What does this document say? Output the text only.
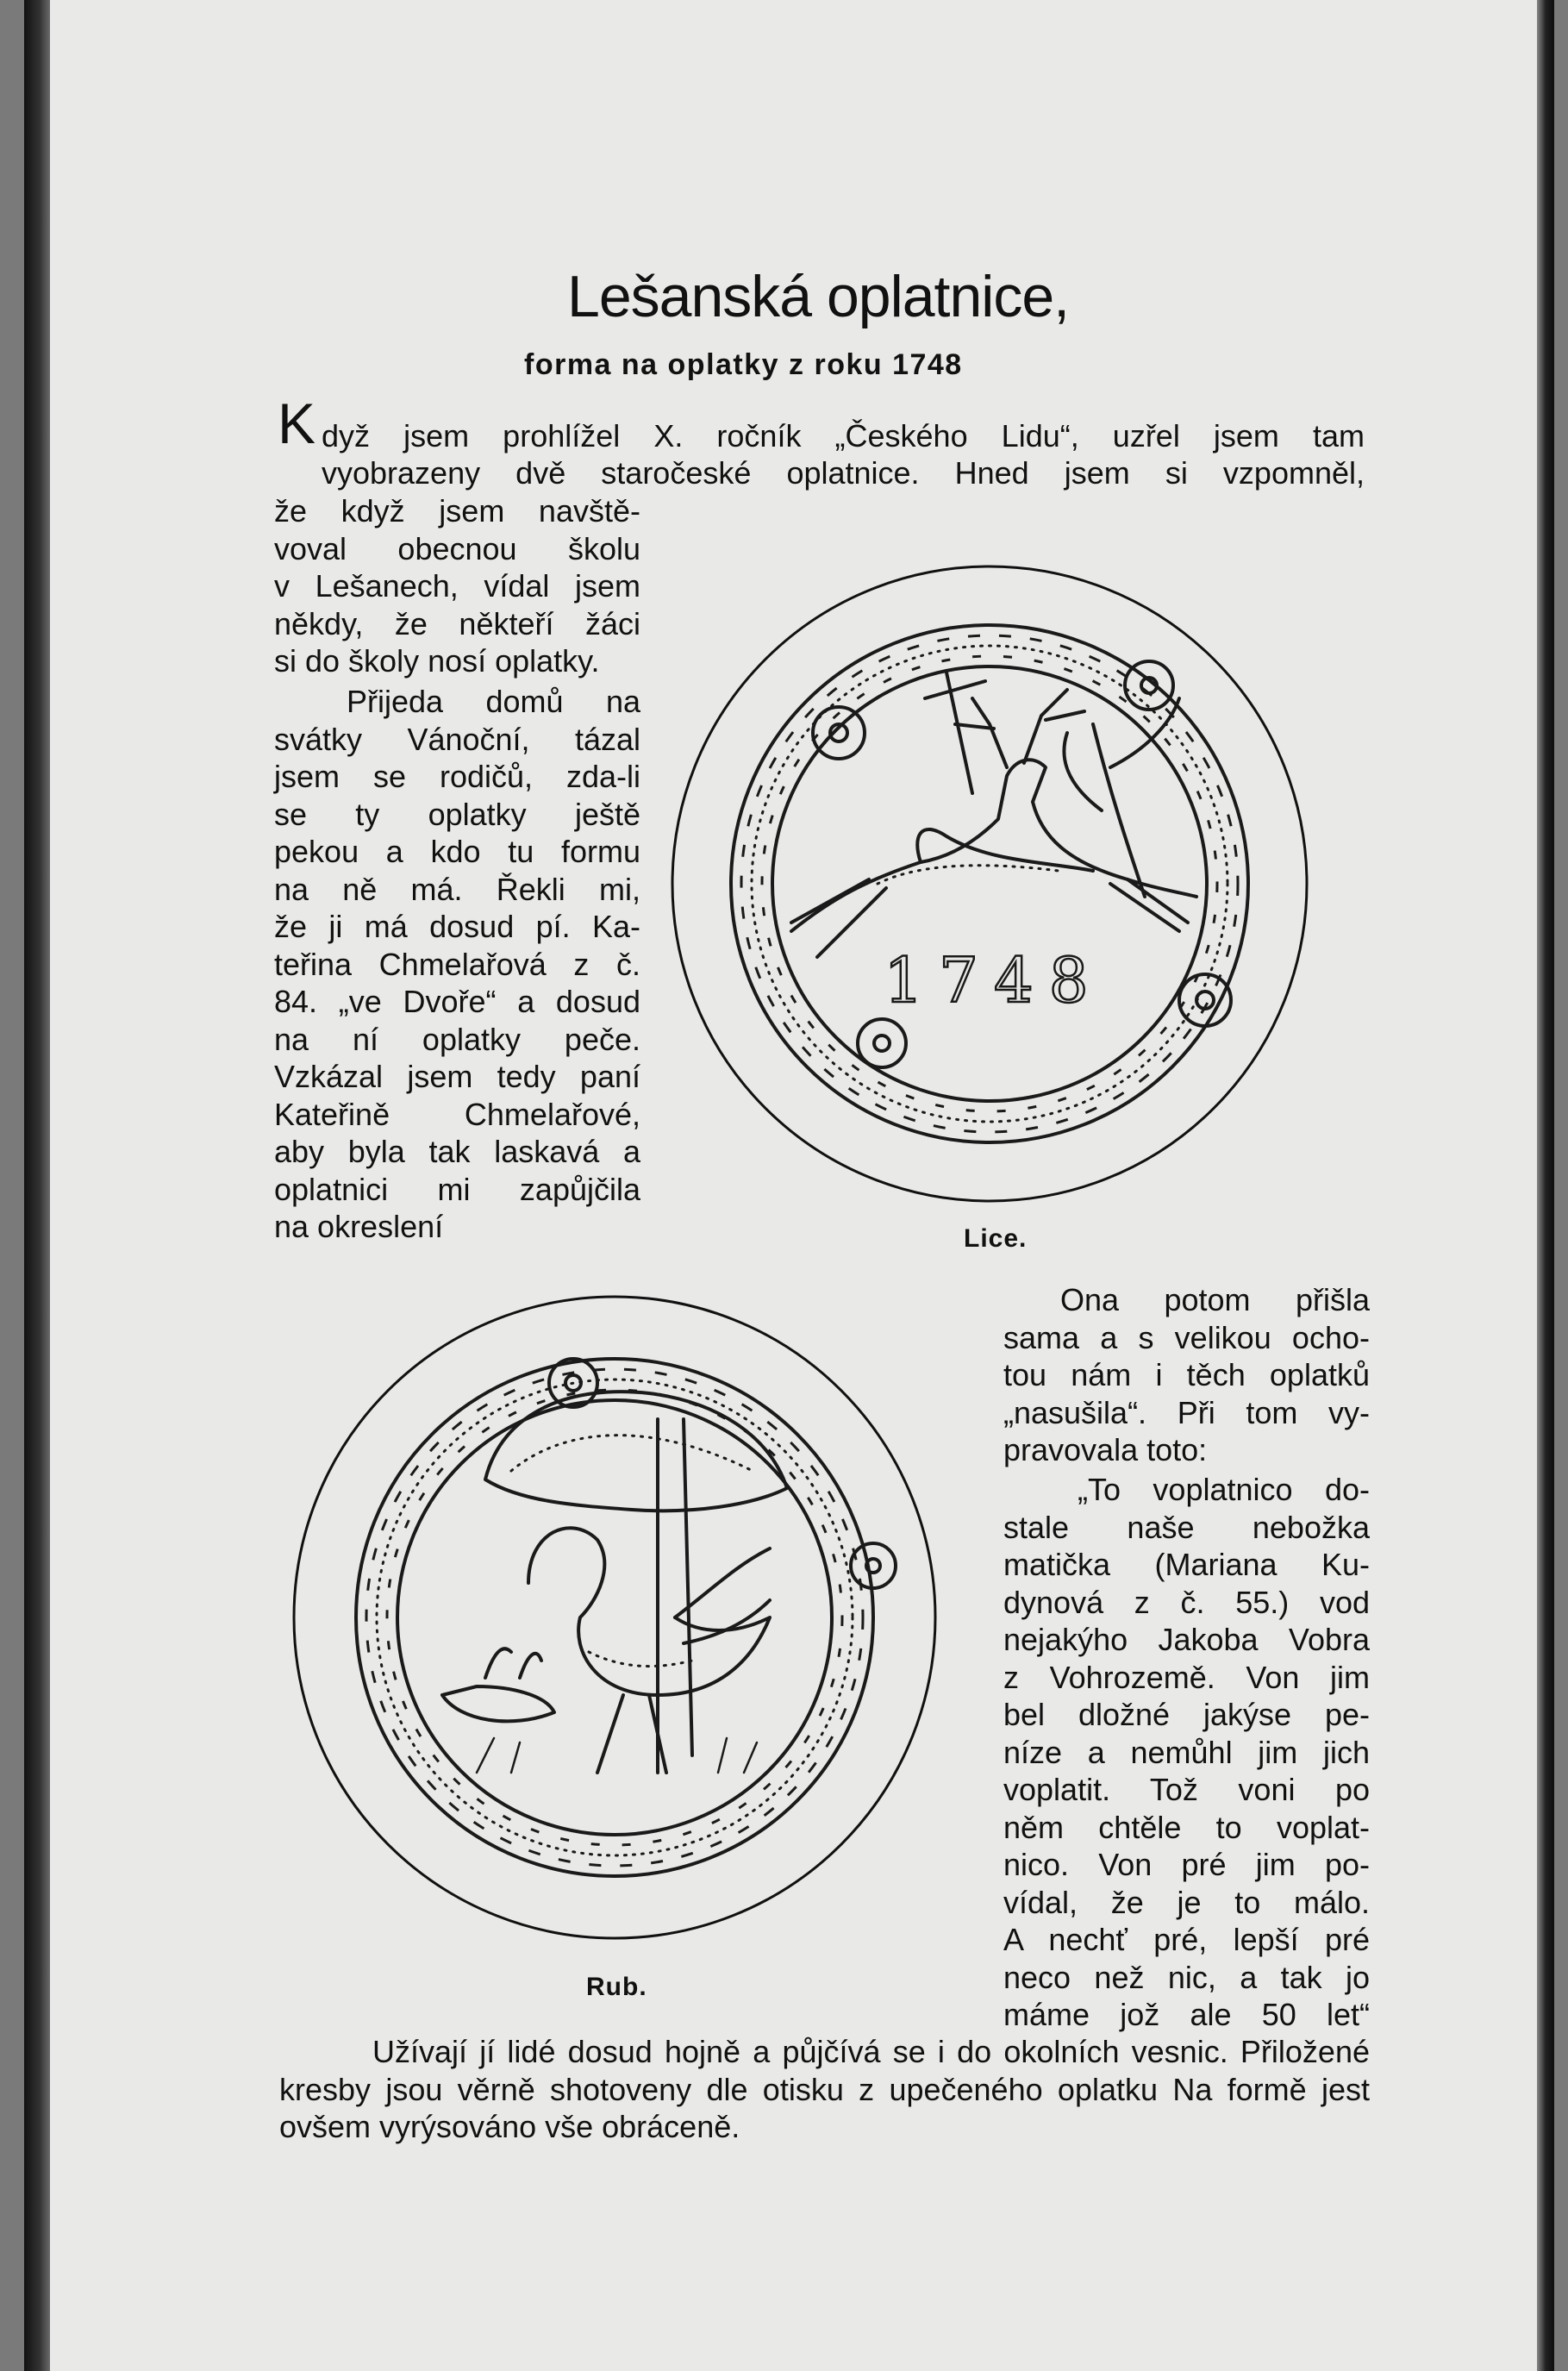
Lešanská oplatnice,
forma na oplatky z roku 1748
K dyž jsem prohlížel X. ročník „Českého Lidu“, uzřel jsem tam
vyobrazeny dvě staročeské oplatnice. Hned jsem si vzpomněl,
že když jsem navště-
voval obecnou školu
v Lešanech, vídal jsem
někdy, že někteří žáci
si do školy nosí oplatky.
Přijeda domů na
svátky Vánoční, tázal
jsem se rodičů, zda-li
se ty oplatky ještě
pekou a kdo tu formu
na ně má. Řekli mi,
že ji má dosud pí. Ka-
teřina Chmelařová z č.
84. „ve Dvoře“ a dosud
na ní oplatky peče.
Vzkázal jsem tedy paní
Kateřině Chmelařové,
aby byla tak laskavá a
oplatnici mi zapůjčila
na okreslení
1748
Lice.
Ona potom přišla
sama a s velikou ocho-
tou nám i těch oplatků
„nasušila“. Při tom vy-
pravovala toto:
„To voplatnico do-
stale naše nebožka
matička (Mariana Ku-
dynová z č. 55.) vod
nejakýho Jakoba Vobra
z Vohrozemě. Von jim
bel dložné jakýse pe-
níze a nemůhl jim jich
voplatit. Tož voni po
něm chtěle to voplat-
nico. Von pré jim po-
vídal, že je to málo.
A nechť pré, lepší pré
neco než nic, a tak jo
máme jož ale 50 let“
Rub.
Užívají jí lidé dosud hojně a půjčívá se i do okolních vesnic. Přiložené kresby jsou věrně shotoveny dle otisku z upečeného oplatku Na formě jest ovšem vyrýsováno vše obráceně.
